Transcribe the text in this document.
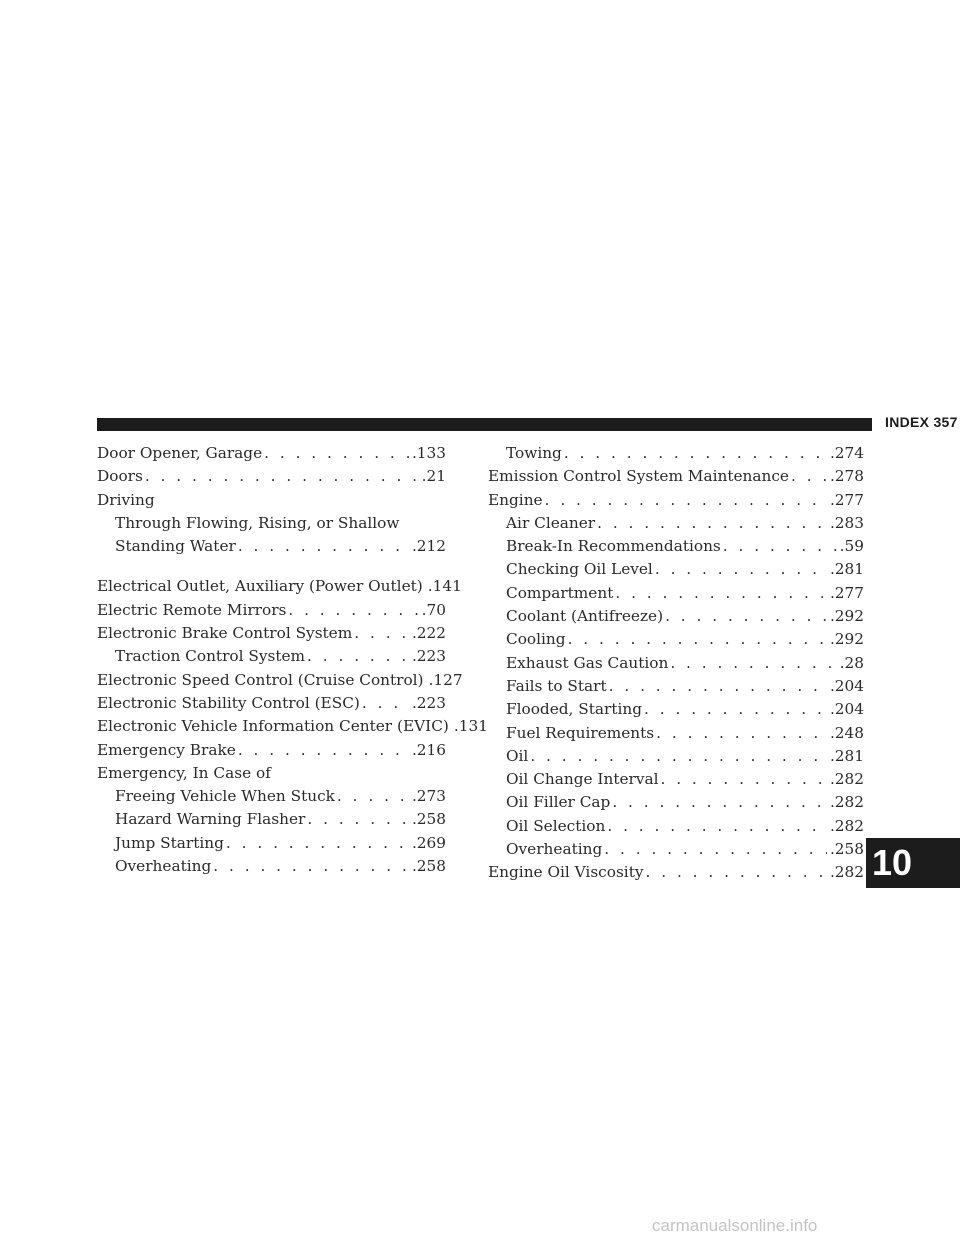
INDEX 357
Door Opener, Garage . . .	.133
Doors . . .	.21
Driving
Through Flowing, Rising, or Shallow
Standing Water . . .	.212
Electrical Outlet, Auxiliary (Power Outlet) .141
Electric Remote Mirrors . . .	.70
Electronic Brake Control System . . .	.222
Traction Control System . . .	.223
Electronic Speed Control (Cruise Control) .127
Electronic Stability Control (ESC) . . .	.223
Electronic Vehicle Information Center (EVIC) .131
Emergency Brake . . .	.216
Emergency, In Case of
Freeing Vehicle When Stuck . . .	.273
Hazard Warning Flasher . . .	.258
Jump Starting . . .	.269
Overheating . . .	.258
Towing . . .	.274
Emission Control System Maintenance . . .	.278
Engine . . .	.277
Air Cleaner . . .	.283
Break-In Recommendations . . .	.59
Checking Oil Level . . .	.281
Compartment . . .	.277
Coolant (Antifreeze) . . .	.292
Cooling . . .	.292
Exhaust Gas Caution . . .	.28
Fails to Start . . .	.204
Flooded, Starting . . .	.204
Fuel Requirements . . .	.248
Oil . . .	.281
Oil Change Interval . . .	.282
Oil Filler Cap . . .	.282
Oil Selection . . .	.282
Overheating . . .	.258
Engine Oil Viscosity . . .	.282 10
carmanualsonline.info
